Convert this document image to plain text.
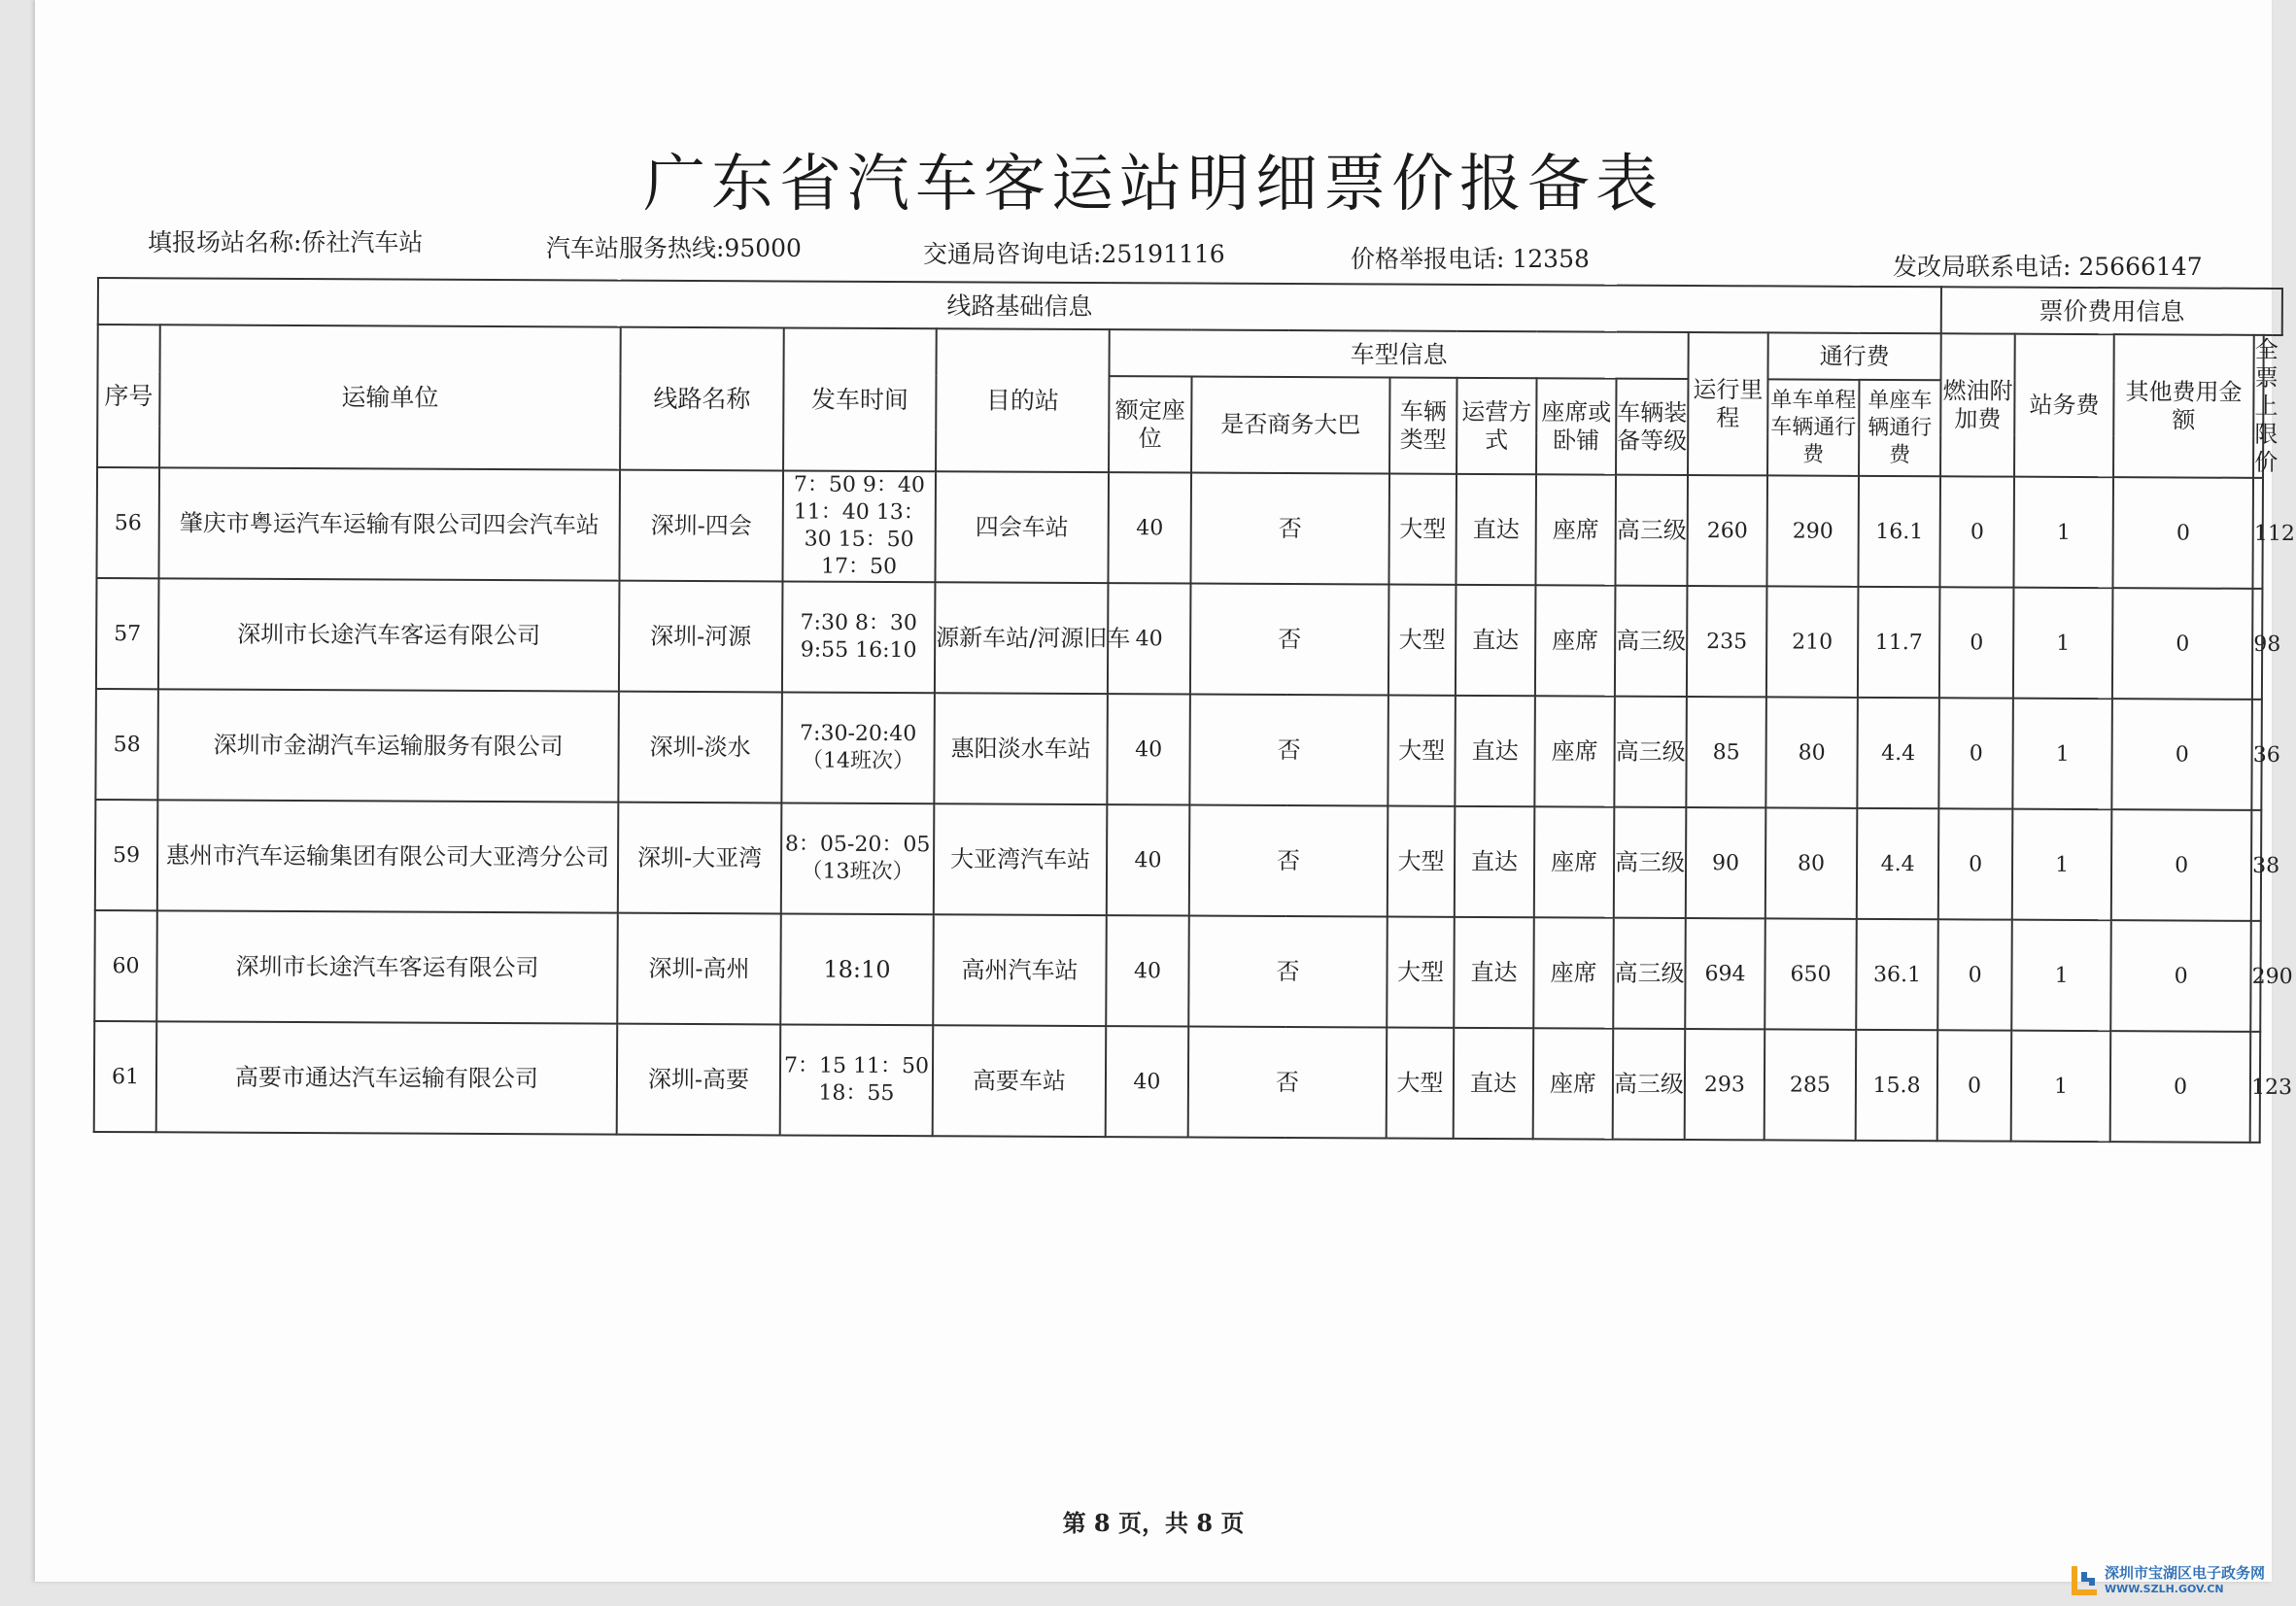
广东省汽车客运站明细票价报备表
填报场站名称:侨社汽车站	汽车站服务热线:95000	交通局咨询电话:25191116	价格举报电话: 12358	发改局联系电话: 25666147
线路基础信息														票价费用信息			
序号	运输单位	线路名称	发车时间	目的站	车型信息						运行里程	通行费		燃油附加费	站务费	其他费用金额	全票上限价
					额定座位	是否商务大巴	车辆类型	运营方式	座席或卧铺	车辆装备等级		单车单程车辆通行费	单座车辆通行费				

56	肇庆市粤运汽车运输有限公司四会汽车站	深圳-四会	7：50 9：40 11：40 13：30 15：50 17：50	四会车站	40	否	大型	直达	座席	高三级	260	290	16.1	0	1	0	112
57	深圳市长途汽车客运有限公司	深圳-河源	7:30 8：30 9:55 16:10	源新车站/河源旧车	40	否	大型	直达	座席	高三级	235	210	11.7	0	1	0	98
58	深圳市金湖汽车运输服务有限公司	深圳-淡水	7:30-20:40（14班次）	惠阳淡水车站	40	否	大型	直达	座席	高三级	85	80	4.4	0	1	0	36
59	惠州市汽车运输集团有限公司大亚湾分公司	深圳-大亚湾	8：05-20：05（13班次）	大亚湾汽车站	40	否	大型	直达	座席	高三级	90	80	4.4	0	1	0	38
60	深圳市长途汽车客运有限公司	深圳-高州	18:10	高州汽车站	40	否	大型	直达	座席	高三级	694	650	36.1	0	1	0	290
61	高要市通达汽车运输有限公司	深圳-高要	7：15 11：50 18：55	高要车站	40	否	大型	直达	座席	高三级	293	285	15.8	0	1	0	123
第 8 页，共 8 页
深圳市宝湖区电子政务网
WWW.SZLH.GOV.CN
